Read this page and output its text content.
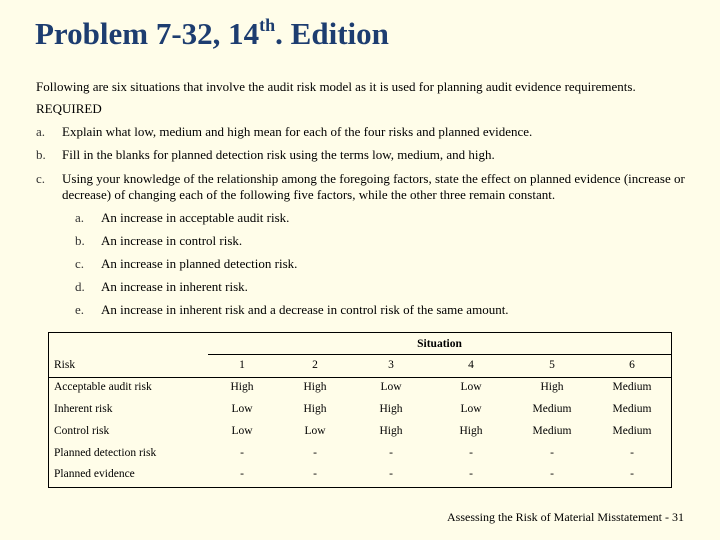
Problem 7-32, 14th. Edition
Following are six situations that involve the audit risk model as it is used for planning audit evidence requirements.
REQUIRED
a. Explain what low, medium and high mean for each of the four risks and planned evidence.
b. Fill in the blanks for planned detection risk using the terms low, medium, and high.
c. Using your knowledge of the relationship among the foregoing factors, state the effect on planned evidence (increase or decrease) of changing each of the following five factors, while the other three remain constant.
a. An increase in acceptable audit risk.
b. An increase in control risk.
c. An increase in planned detection risk.
d. An increase in inherent risk.
e. An increase in inherent risk and a decrease in control risk of the same amount.
Situation
Risk	1	2	3	4	5	6
Acceptable audit risk	High	High	Low	Low	High	Medium
Inherent risk	Low	High	High	Low	Medium	Medium
Control risk	Low	Low	High	High	Medium	Medium
Planned detection risk	-	-	-	-	-	-
Planned evidence	-	-	-	-	-	-
Assessing the Risk of Material Misstatement - 31
